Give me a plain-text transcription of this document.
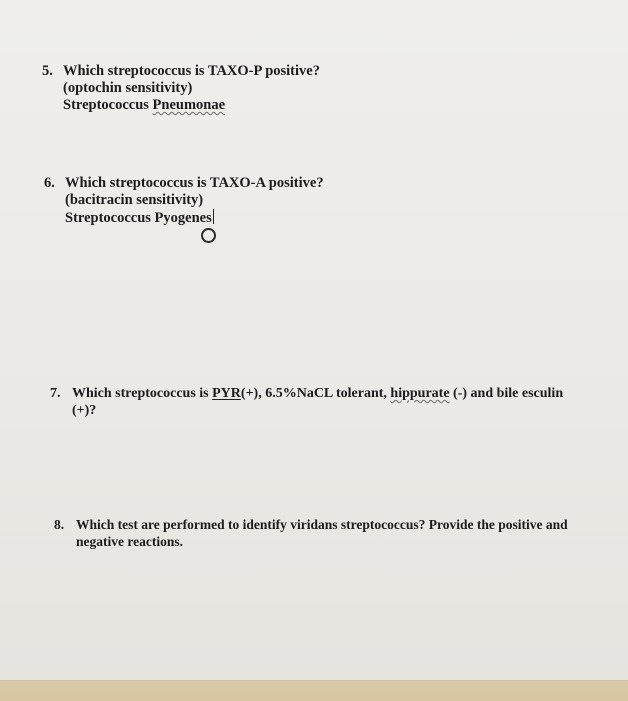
5. Which streptococcus is TAXO-P positive?
(optochin sensitivity)
Streptococcus Pneumonae
6. Which streptococcus is TAXO-A positive?
(bacitracin sensitivity)
Streptococcus Pyogenes
7. Which streptococcus is PYR(+), 6.5%NaCL tolerant, hippurate (-) and bile esculin
(+)?
8. Which test are performed to identify viridans streptococcus? Provide the positive and
negative reactions.
